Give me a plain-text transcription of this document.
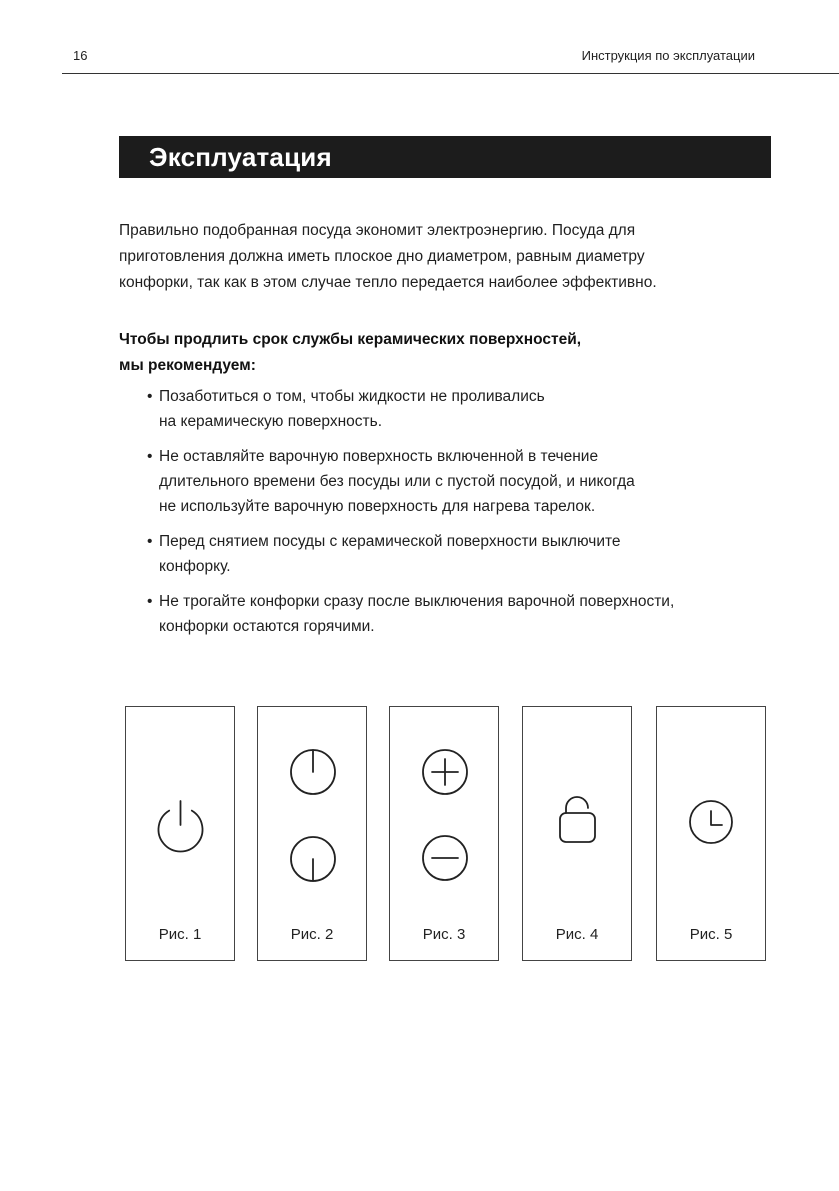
16	Инструкция по эксплуатации
Эксплуатация

Правильно подобранная посуда экономит электроэнергию. Посуда для
приготовления должна иметь плоское дно диаметром, равным диаметру
конфорки, так как в этом случае тепло передается наиболее эффективно.

Чтобы продлить срок службы керамических поверхностей,
мы рекомендуем:

• Позаботиться о том, чтобы жидкости не проливались
на керамическую поверхность.
• Не оставляйте варочную поверхность включенной в течение
длительного времени без посуды или с пустой посудой, и никогда
не используйте варочную поверхность для нагрева тарелок.
• Перед снятием посуды с керамической поверхности выключите
конфорку.
• Не трогайте конфорки сразу после выключения варочной поверхности,
конфорки остаются горячими.
Рис. 1	Рис. 2	Рис. 3	Рис. 4	Рис. 5
